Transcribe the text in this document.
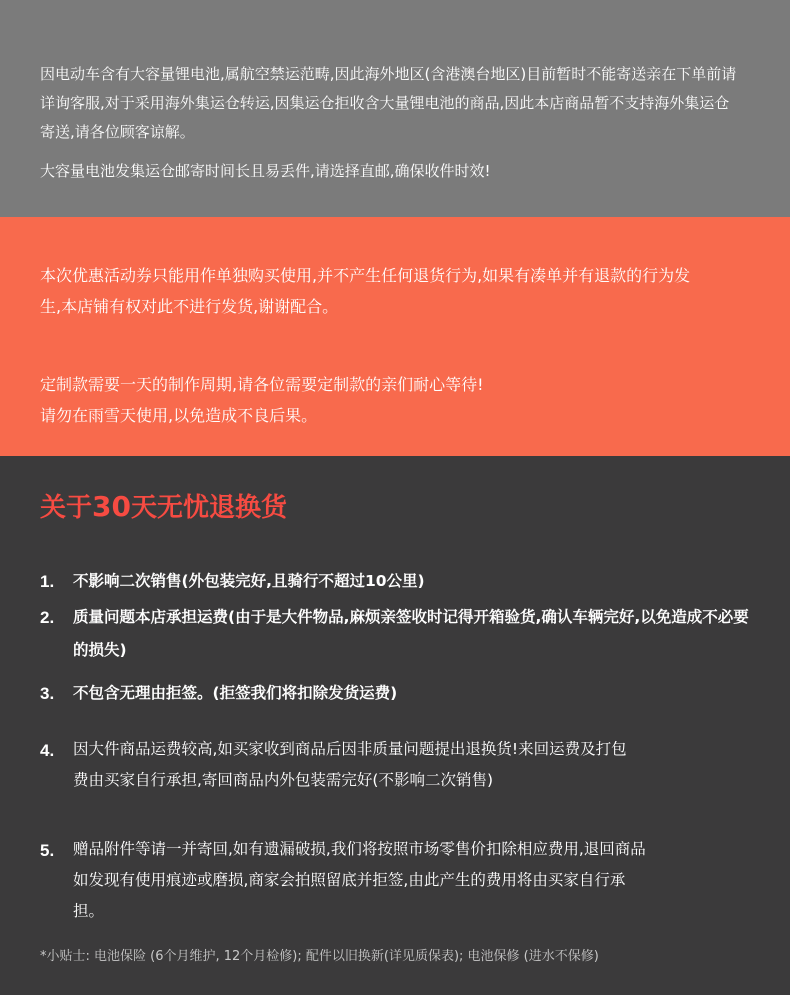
因电动车含有大容量锂电池,属航空禁运范畴,因此海外地区(含港澳台地区)目前暂时不能寄送亲在下单前请详询客服,对于采用海外集运仓转运,因集运仓拒收含大量锂电池的商品,因此本店商品暂不支持海外集运仓寄送,请各位顾客谅解。

大容量电池发集运仓邮寄时间长且易丢件,请选择直邮,确保收件时效!

本次优惠活动券只能用作单独购买使用,并不产生任何退货行为,如果有凑单并有退款的行为发生,本店铺有权对此不进行发货,谢谢配合。

定制款需要一天的制作周期,请各位需要定制款的亲们耐心等待!
请勿在雨雪天使用,以免造成不良后果。

关于30天无忧退换货
1.	不影响二次销售(外包装完好,且骑行不超过10公里)
2.	质量问题本店承担运费(由于是大件物品,麻烦亲签收时记得开箱验货,确认车辆完好,以免造成不必要的损失)
3.	不包含无理由拒签。(拒签我们将扣除发货运费)
4.	因大件商品运费较高,如买家收到商品后因非质量问题提出退换货!来回运费及打包费由买家自行承担,寄回商品内外包装需完好(不影响二次销售)
5.	赠品附件等请一并寄回,如有遗漏破损,我们将按照市场零售价扣除相应费用,退回商品如发现有使用痕迹或磨损,商家会拍照留底并拒签,由此产生的费用将由买家自行承担。
*小贴士: 电池保险 (6个月维护, 12个月检修); 配件以旧换新(详见质保表); 电池保修 (进水不保修)
